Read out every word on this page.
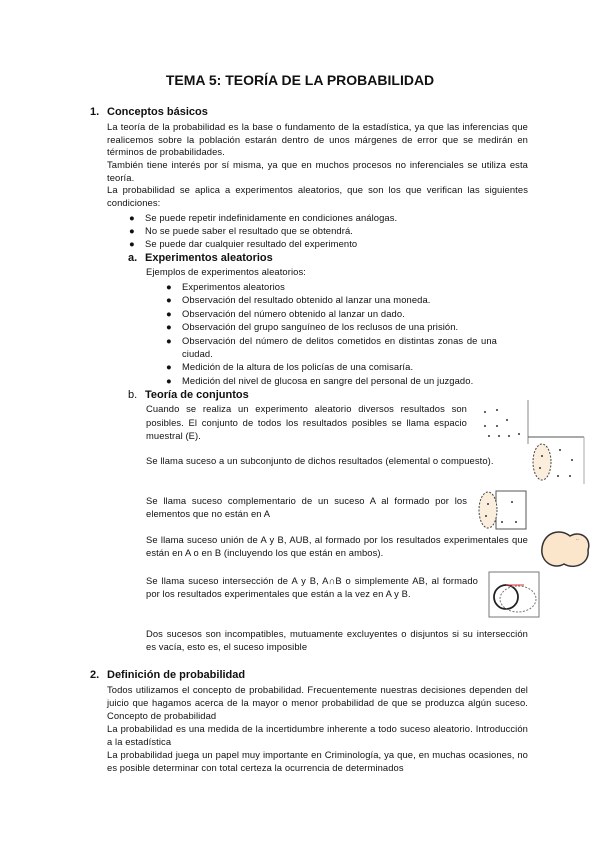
TEMA 5: TEORÍA DE LA PROBABILIDAD
1. Conceptos básicos
La teoría de la probabilidad es la base o fundamento de la estadística, ya que las inferencias que realicemos sobre la población estarán dentro de unos márgenes de error que se medirán en términos de probabilidades.
También tiene interés por sí misma, ya que en muchos procesos no inferenciales se utiliza esta teoría.
La probabilidad se aplica a experimentos aleatorios, que son los que verifican las siguientes condiciones:
● Se puede repetir indefinidamente en condiciones análogas.
● No se puede saber el resultado que se obtendrá.
● Se puede dar cualquier resultado del experimento
a. Experimentos aleatorios
Ejemplos de experimentos aleatorios:
● Experimentos aleatorios
● Observación del resultado obtenido al lanzar una moneda.
● Observación del número obtenido al lanzar un dado.
● Observación del grupo sanguíneo de los reclusos de una prisión.
● Observación del número de delitos cometidos en distintas zonas de una ciudad.
● Medición de la altura de los policías de una comisaría.
● Medición del nivel de glucosa en sangre del personal de un juzgado.
b. Teoría de conjuntos
Cuando se realiza un experimento aleatorio diversos resultados son posibles. El conjunto de todos los resultados posibles se llama espacio muestral (E).
Se llama suceso a un subconjunto de dichos resultados (elemental o compuesto).
Se llama suceso complementario de un suceso A al formado por los elementos que no están en A
Se llama suceso unión de A y B, AUB, al formado por los resultados experimentales que están en A o en B (incluyendo los que están en ambos).
Se llama suceso intersección de A y B, A∩B o simplemente AB, al formado por los resultados experimentales que están a la vez en A y B.
Dos sucesos son incompatibles, mutuamente excluyentes o disjuntos si su intersección es vacía, esto es, el suceso imposible
..
2. Definición de probabilidad
Todos utilizamos el concepto de probabilidad. Frecuentemente nuestras decisiones dependen del juicio que hagamos acerca de la mayor o menor probabilidad de que se produzca algún suceso. Concepto de probabilidad
La probabilidad es una medida de la incertidumbre inherente a todo suceso aleatorio. Introducción a la estadística
La probabilidad juega un papel muy importante en Criminología, ya que, en muchas ocasiones, no es posible determinar con total certeza la ocurrencia de determinados
